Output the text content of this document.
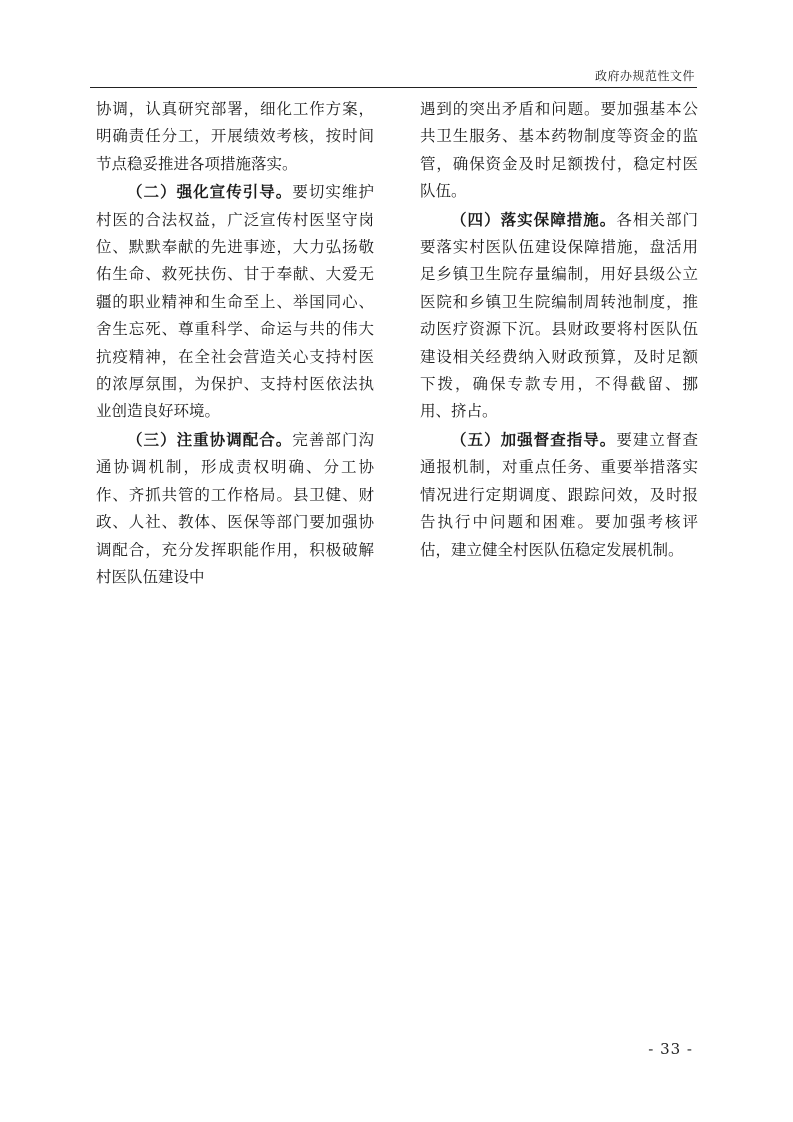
政府办规范性文件

协调，认真研究部署，细化工作方案，明确责任分工，开展绩效考核，按时间节点稳妥推进各项措施落实。

（二）强化宣传引导。要切实维护村医的合法权益，广泛宣传村医坚守岗位、默默奉献的先进事迹，大力弘扬敬佑生命、救死扶伤、甘于奉献、大爱无疆的职业精神和生命至上、举国同心、舍生忘死、尊重科学、命运与共的伟大抗疫精神，在全社会营造关心支持村医的浓厚氛围，为保护、支持村医依法执业创造良好环境。

（三）注重协调配合。完善部门沟通协调机制，形成责权明确、分工协作、齐抓共管的工作格局。县卫健、财政、人社、教体、医保等部门要加强协调配合，充分发挥职能作用，积极破解村医队伍建设中

遇到的突出矛盾和问题。要加强基本公共卫生服务、基本药物制度等资金的监管，确保资金及时足额拨付，稳定村医队伍。

（四）落实保障措施。各相关部门要落实村医队伍建设保障措施，盘活用足乡镇卫生院存量编制，用好县级公立医院和乡镇卫生院编制周转池制度，推动医疗资源下沉。县财政要将村医队伍建设相关经费纳入财政预算，及时足额下拨，确保专款专用，不得截留、挪用、挤占。

（五）加强督查指导。要建立督查通报机制，对重点任务、重要举措落实情况进行定期调度、跟踪问效，及时报告执行中问题和困难。要加强考核评估，建立健全村医队伍稳定发展机制。

- 33 -
